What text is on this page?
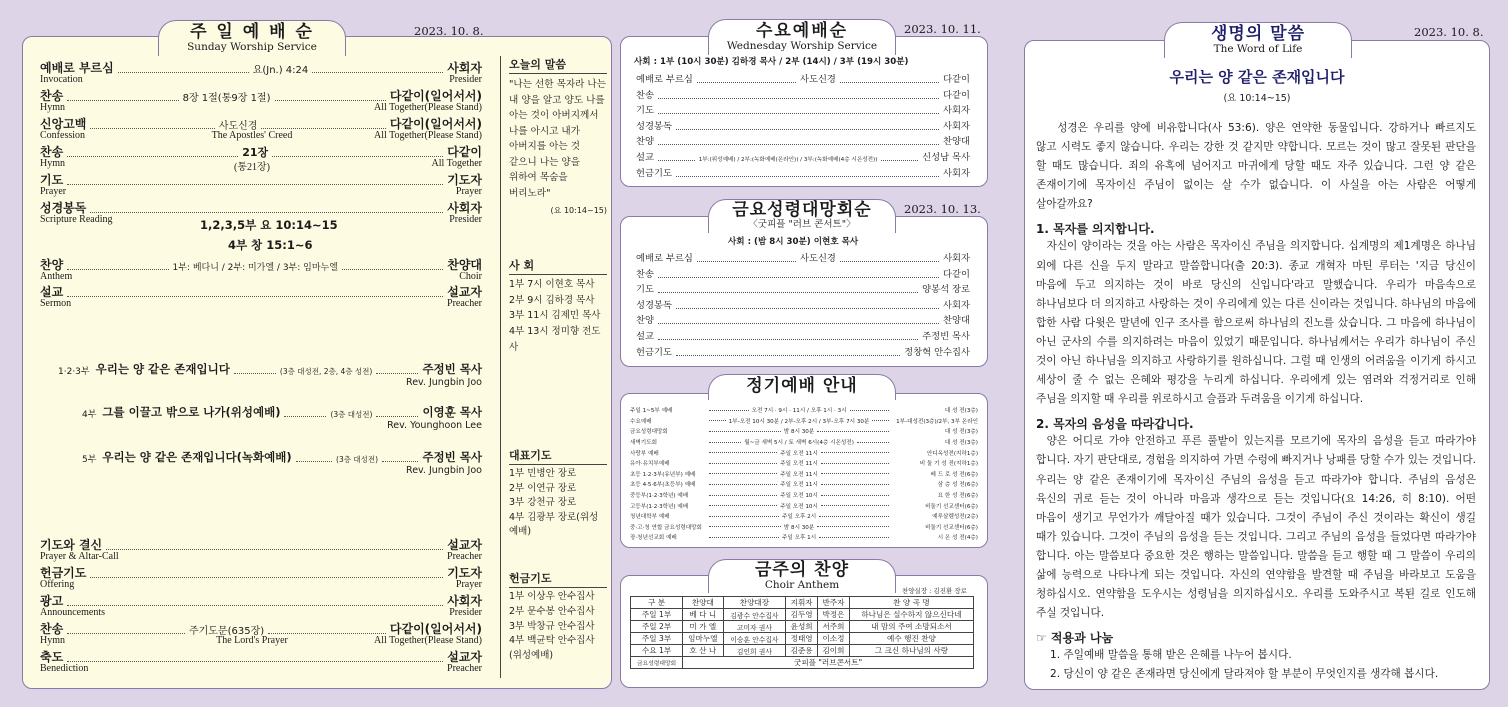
주 일 예 배 순
Sunday Worship Service
2023. 10. 8.
예배로 부르심	요(Jn.) 4:24	사회자
Invocation	Presider
찬송	8장 1절(통9장 1절)	다같이(일어서서)
Hymn	All Together(Please Stand)
신앙고백	사도신경	다같이(일어서서)
Confession	The Apostles' Creed	All Together(Please Stand)
찬송	21장	다같이
Hymn	(통21장)	All Together
기도	기도자
Prayer	Prayer
성경봉독	사회자
Scripture Reading	Presider
1,2,3,5부 요 10:14~15
4부 창 15:1~6
찬양	1부: 베다니 / 2부: 미가엘 / 3부: 임마누엘	찬양대
Anthem	Choir
설교	설교자
Sermon	Preacher
1·2·3부 우리는 양 같은 존재입니다	(3층 대성전, 2층, 4층 성전)	주정빈 목사
Rev. Jungbin Joo
4부 그를 이끌고 밖으로 나가(위성예배)	(3층 대성전)	이영훈 목사
Rev. Younghoon Lee
5부 우리는 양 같은 존재입니다(녹화예배)	(3층 대성전)	주정빈 목사
Rev. Jungbin Joo
기도와 결신	설교자
Prayer & Altar-Call	Preacher
헌금기도	기도자
Offering	Prayer
광고	사회자
Announcements	Presider
찬송	주기도문(635장)	다같이(일어서서)
Hymn	The Lord's Prayer	All Together(Please Stand)
축도	설교자
Benediction	Preacher
오늘의 말씀
"나는 선한 목자라 나는 내 양을 알고 양도 나를 아는 것이 아버지께서 나를 아시고 내가 아버지를 아는 것 같으니 나는 양을 위하여 목숨을 버리노라"
(요 10:14~15)
사 회
1부 7시 이현호 목사
2부 9시 김하경 목사
3부 11시 김제민 목사
4부 13시 정미향 전도사
대표기도
1부 민병안 장로
2부 이연규 장로
3부 강천규 장로
4부 김광부 장로(위성예배)
헌금기도
1부 이상우 안수집사
2부 문수봉 안수집사
3부 박창규 안수집사
4부 백균탁 안수집사(위성예배)
수요예배순
Wednesday Worship Service
2023. 10. 11.
사회 : 1부 (10시 30분) 김하경 목사 / 2부 (14시) / 3부 (19시 30분)
예배로 부르심	사도신경	다같이
찬송	다같이
기도	사회자
성경봉독	사회자
찬양	찬양대
설교	1부:(위성예배) / 2부:(녹화예배(온라인)) / 3부:(녹화예배(4층 시온성전))	신성남 목사
헌금기도	사회자
금요성령대망회순
〈굿피플 "러브 콘서트"〉
2023. 10. 13.
사회 : (밤 8시 30분) 이현호 목사
예배로 부르심	사도신경	사회자
찬송	다같이
기도	양봉석 장로
성경봉독	사회자
찬양	찬양대
설교	주정빈 목사
헌금기도	정창혁 안수집사
정기예배 안내
주일 1~5부 예배	오전 7시 · 9시 · 11시 / 오후 1시 · 3시	대 성 전(3층)
수요예배	1부-오전 10시 30분 / 2부-오후 2시 / 3부-오후 7시 30분	1부-대성전(3층)/2부, 3부 온라인
금요성령대망회	밤 8시 30분	대 성 전(3층)
새벽기도회	월~금 새벽 5시 / 토 새벽 6시(4층 시온성전)	대 성 전(3층)
사랑부 예배	주일 오전 11시	안디옥성전(지하1층)
유아·유치부예배	주일 오전 11시	비 둘 기 성 전(지하1층)
초등 1·2·3부(유년부) 예배	주일 오전 11시	베 드 로 성 전(6층)
초등 4·5·6부(초등부) 예배	주일 오전 11시	삼 층 성 전(6층)
중등부(1·2·3학년) 예배	주일 오전 10시	요 한 성 전(6층)
고등부(1·2·3학년) 예배	주일 오전 10시	비둘기 선교센터(6층)
청년대학부 예배	주일 오후 2시	예루살렘성전(2층)
중·고·청 연합 금요성령대망회	밤 8시 30분	비둘기 선교센터(6층)
장·청년선교회 예배	주일 오후 1시	시 온 성 전(4층)
금주의 찬양
Choir Anthem
찬양실장 : 김진환 장로
구 분	찬양대	찬양대장	지휘자	반주자	찬 양 곡 명
주일 1부	베 다 니	김광수 안수집사	김두영	박정은	하나님은 실수하지 않으신다네
주일 2부	미 가 엘	고미자 권사	윤성희	서주희	내 맘의 주여 소망되소서
주일 3부	임마누엘	이승훈 안수집사	정태영	이소정	예수 행진 찬양
수요 1부	호 산 나	김인희 권사	김준용	김이희	그 크신 하나님의 사랑
금요성령대망회	굿피플 "러브콘서트"				
생명의 말씀
The Word of Life
2023. 10. 8.
우리는 양 같은 존재입니다
(요 10:14~15)

성경은 우리를 양에 비유합니다(사 53:6). 양은 연약한 동물입니다. 강하거나 빠르지도 않고 시력도 좋지 않습니다. 우리는 강한 것 같지만 약합니다. 모르는 것이 많고 잘못된 판단을 할 때도 많습니다. 죄의 유혹에 넘어지고 마귀에게 당할 때도 자주 있습니다. 그런 양 같은 존재이기에 목자이신 주님이 없이는 살 수가 없습니다. 이 사실을 아는 사람은 어떻게 살아갈까요?

1. 목자를 의지합니다.

자신이 양이라는 것을 아는 사람은 목자이신 주님을 의지합니다. 십계명의 제1계명은 하나님 외에 다른 신을 두지 말라고 말씀합니다(출 20:3). 종교 개혁자 마틴 루터는 '지금 당신이 마음에 두고 의지하는 것이 바로 당신의 신입니다'라고 말했습니다. 우리가 마음속으로 하나님보다 더 의지하고 사랑하는 것이 우리에게 있는 다른 신이라는 것입니다. 하나님의 마음에 합한 사람 다윗은 말년에 인구 조사를 함으로써 하나님의 진노를 샀습니다. 그 마음에 하나님이 아닌 군사의 수를 의지하려는 마음이 있었기 때문입니다. 하나님께서는 우리가 하나님이 주신 것이 아닌 하나님을 의지하고 사랑하기를 원하십니다. 그럴 때 인생의 어려움을 이기게 하시고 세상이 줄 수 없는 은혜와 평강을 누리게 하십니다. 우리에게 있는 염려와 걱정거리로 인해 주님을 의지할 때 우리를 위로하시고 슬픔과 두려움을 이기게 하십니다.

2. 목자의 음성을 따라갑니다.

양은 어디로 가야 안전하고 푸른 풀밭이 있는지를 모르기에 목자의 음성을 듣고 따라가야 합니다. 자기 판단대로, 경험을 의지하여 가면 수렁에 빠지거나 낭패를 당할 수가 있는 것입니다. 우리는 양 같은 존재이기에 목자이신 주님의 음성을 듣고 따라가야 합니다. 주님의 음성은 육신의 귀로 듣는 것이 아니라 마음과 생각으로 듣는 것입니다(요 14:26, 히 8:10). 어떤 마음이 생기고 무언가가 깨달아질 때가 있습니다. 그것이 주님이 주신 것이라는 확신이 생길 때가 있습니다. 그것이 주님의 음성을 듣는 것입니다. 그리고 주님의 음성을 들었다면 따라가야 합니다. 아는 말씀보다 중요한 것은 행하는 말씀입니다. 말씀을 듣고 행할 때 그 말씀이 우리의 삶에 능력으로 나타나게 되는 것입니다. 자신의 연약함을 발견할 때 주님을 바라보고 도움을 청하십시오. 연약함을 도우시는 성령님을 의지하십시오. 우리를 도와주시고 복된 길로 인도해 주실 것입니다.

☞ 적용과 나눔
1. 주일예배 말씀을 통해 받은 은혜를 나누어 봅시다.
2. 당신이 양 같은 존재라면 당신에게 달라져야 할 부분이 무엇인지를 생각해 봅시다.
